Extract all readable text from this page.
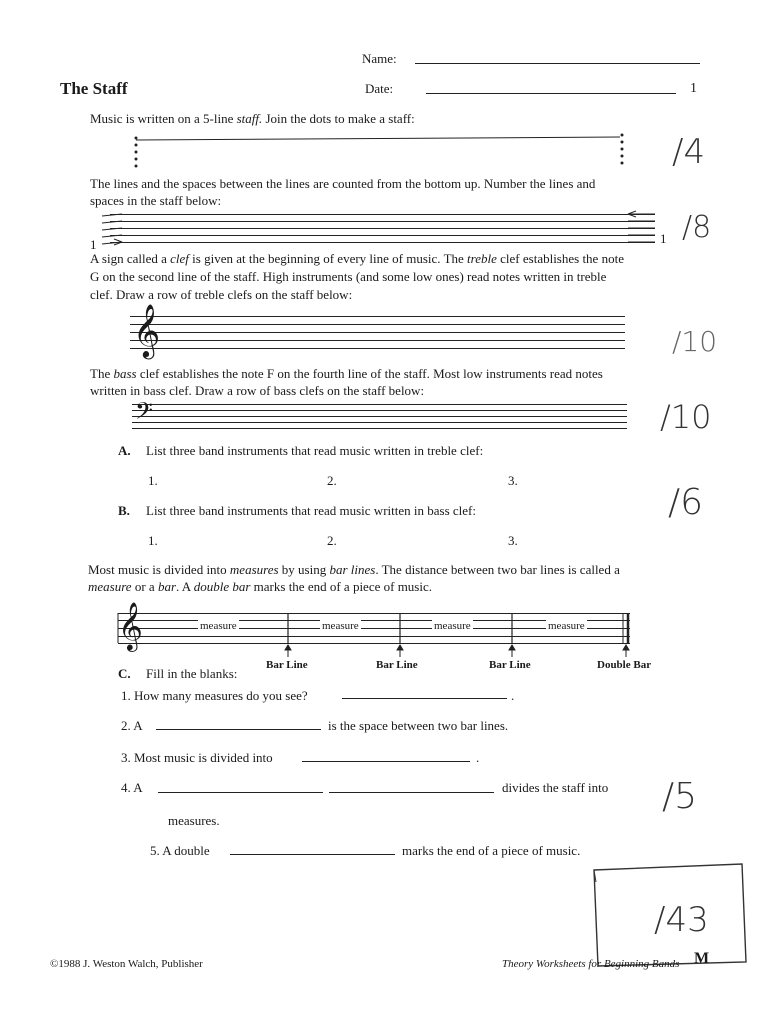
Name:
The Staff	Date:	1
Music is written on a 5-line staff. Join the dots to make a staff:
/4
The lines and the spaces between the lines are counted from the bottom up. Number the lines and
spaces in the staff below:
1	1 /8
A sign called a clef is given at the beginning of every line of music. The treble clef establishes the note
G on the second line of the staff. High instruments (and some low ones) read notes written in treble
clef. Draw a row of treble clefs on the staff below:
𝄞	/10
The bass clef establishes the note F on the fourth line of the staff. Most low instruments read notes
written in bass clef. Draw a row of bass clefs on the staff below:
𝄢	/10
A. List three band instruments that read music written in treble clef:
1.	2.	3.
B. List three band instruments that read music written in bass clef:
1.	2.	3.
/6
Most music is divided into measures by using bar lines. The distance between two bar lines is called a
measure or a bar. A double bar marks the end of a piece of music.
𝄞	measure	measure	measure	measure
Bar Line	Bar Line	Bar Line	Double Bar
C. Fill in the blanks:
1. How many measures do you see?	.
2. A	is the space between two bar lines.
3. Most music is divided into	.
4. A	divides the staff into
measures.
5. A double	marks the end of a piece of music.
/5
/43
©1988 J. Weston Walch, Publisher	Theory Worksheets for Beginning Bands M
